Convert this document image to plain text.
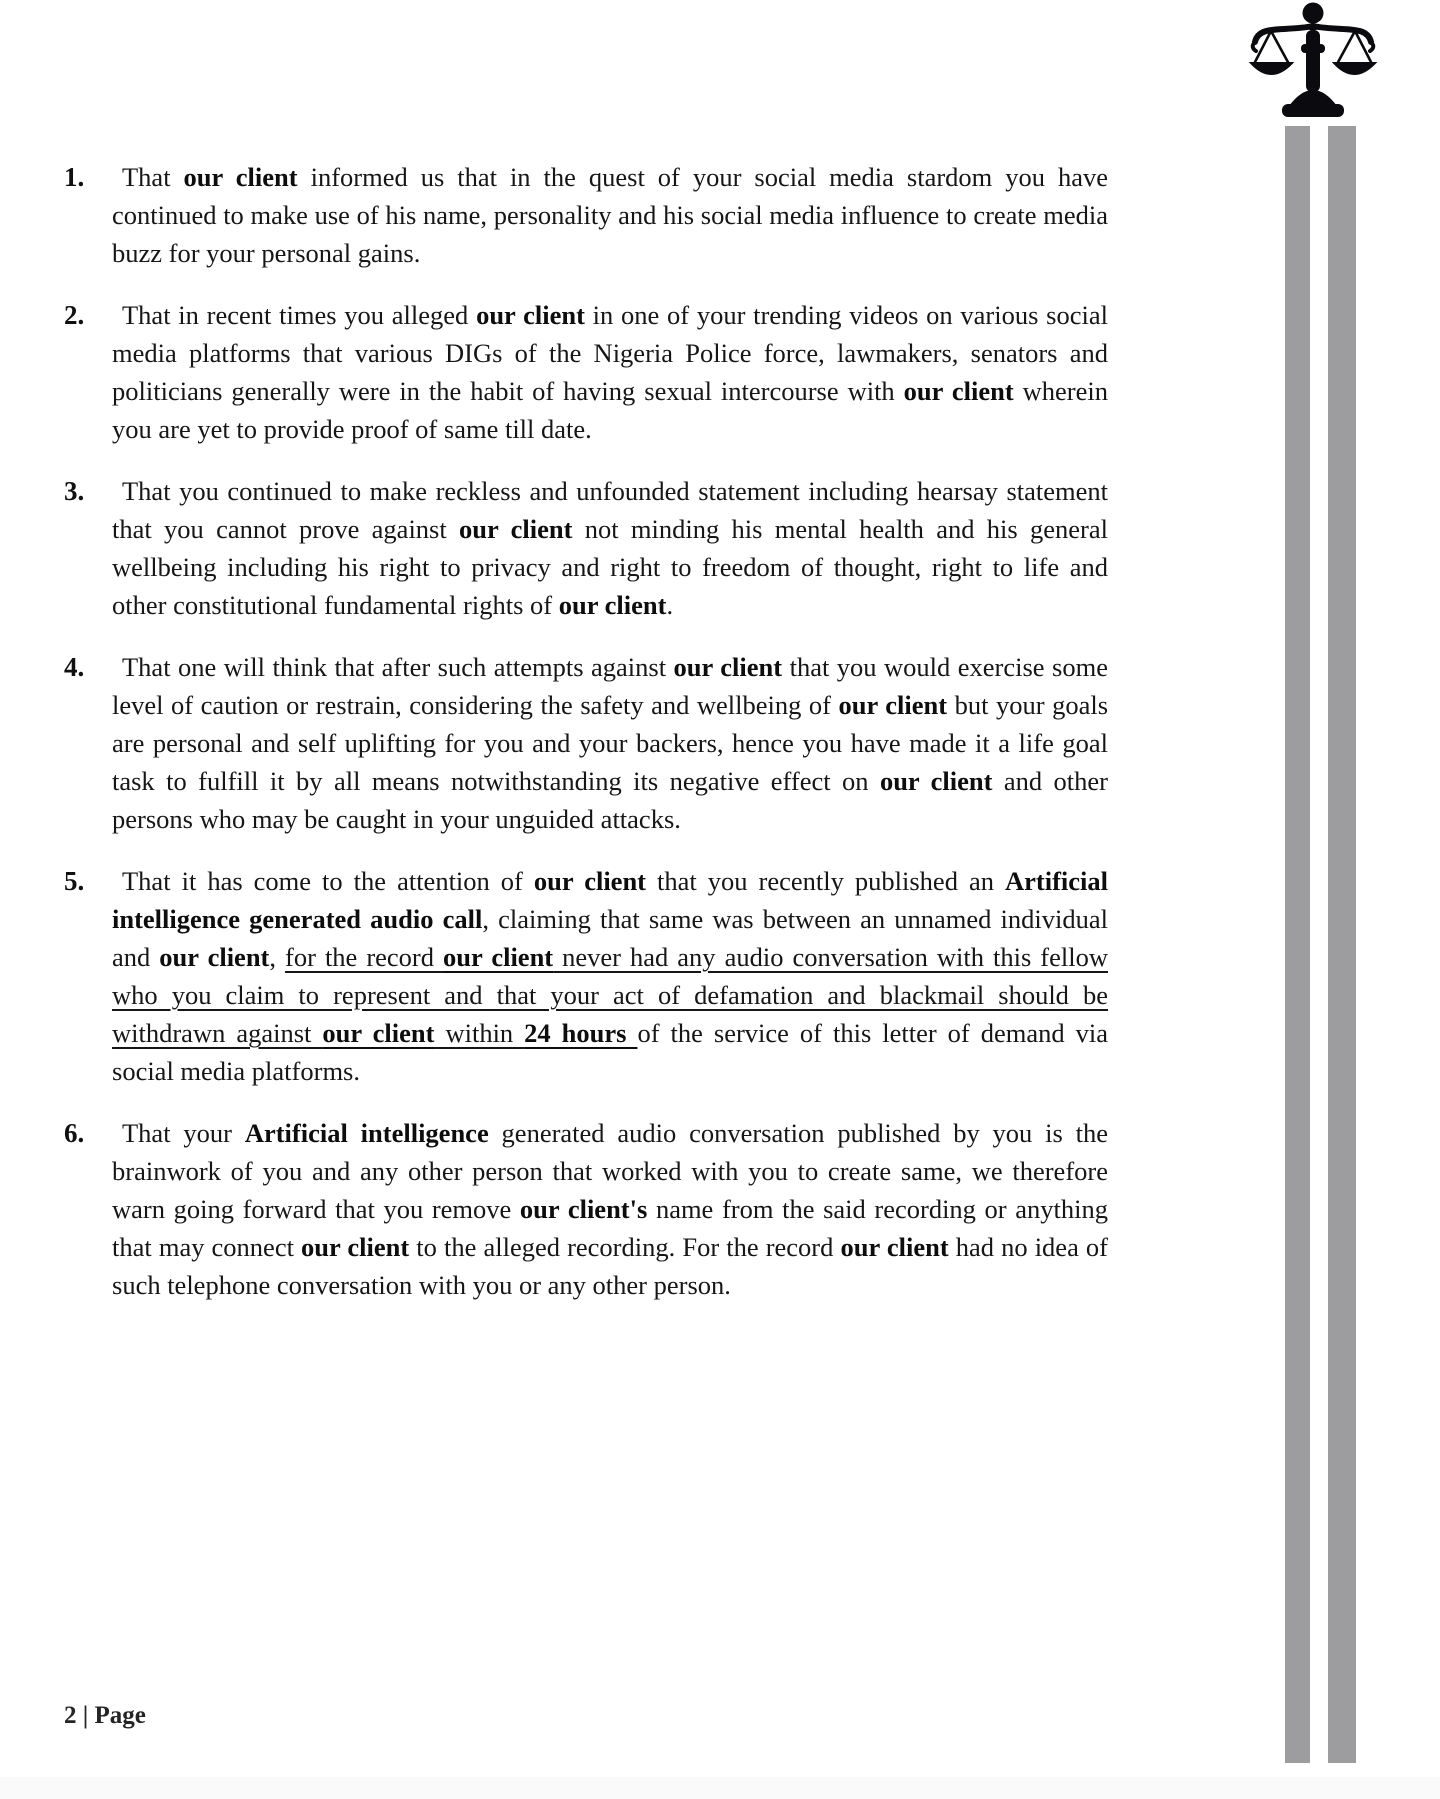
1.	That our client informed us that in the quest of your social media stardom you have continued to make use of his name, personality and his social media influence to create media buzz for your personal gains.
2.	That in recent times you alleged our client in one of your trending videos on various social media platforms that various DIGs of the Nigeria Police force, lawmakers, senators and politicians generally were in the habit of having sexual intercourse with our client wherein you are yet to provide proof of same till date.
3.	That you continued to make reckless and unfounded statement including hearsay statement that you cannot prove against our client not minding his mental health and his general wellbeing including his right to privacy and right to freedom of thought, right to life and other constitutional fundamental rights of our client.
4.	That one will think that after such attempts against our client that you would exercise some level of caution or restrain, considering the safety and wellbeing of our client but your goals are personal and self uplifting for you and your backers, hence you have made it a life goal task to fulfill it by all means notwithstanding its negative effect on our client and other persons who may be caught in your unguided attacks.
5.	That it has come to the attention of our client that you recently published an Artificial intelligence generated audio call, claiming that same was between an unnamed individual and our client, for the record our client never had any audio conversation with this fellow who you claim to represent and that your act of defamation and blackmail should be withdrawn against our client within 24 hours of the service of this letter of demand via social media platforms.
6.	That your Artificial intelligence generated audio conversation published by you is the brainwork of you and any other person that worked with you to create same, we therefore warn going forward that you remove our client's name from the said recording or anything that may connect our client to the alleged recording. For the record our client had no idea of such telephone conversation with you or any other person.
2 | Page
